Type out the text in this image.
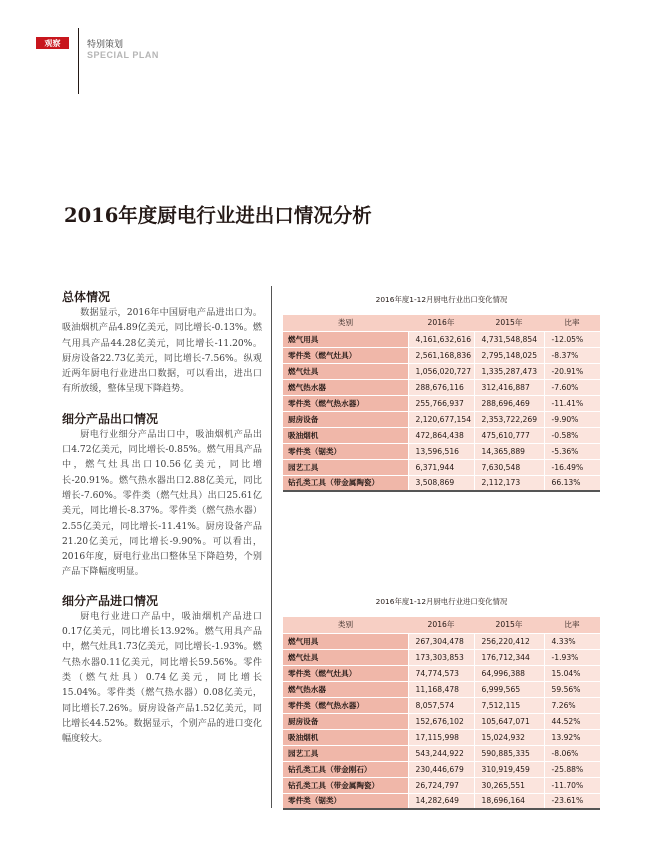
观察	特别策划
SPECIAL PLAN
2016年度厨电行业进出口情况分析
总体情况

数据显示，2016年中国厨电产品进出口为。吸油烟机产品4.89亿美元，同比增长-0.13%。燃气用具产品44.28亿美元，同比增长-11.20%。厨房设备22.73亿美元，同比增长-7.56%。纵观近两年厨电行业进出口数据，可以看出，进出口有所放缓，整体呈现下降趋势。

细分产品出口情况

厨电行业细分产品出口中，吸油烟机产品出口4.72亿美元，同比增长-0.85%。燃气用具产品中，燃气灶具出口10.56亿美元，同比增长-20.91%。燃气热水器出口2.88亿美元，同比增长-7.60%。零件类（燃气灶具）出口25.61亿美元，同比增长-8.37%。零件类（燃气热水器）2.55亿美元，同比增长-11.41%。厨房设备产品21.20亿美元，同比增长-9.90%。可以看出，2016年度，厨电行业出口整体呈下降趋势，个别产品下降幅度明显。

细分产品进口情况

厨电行业进口产品中，吸油烟机产品进口0.17亿美元，同比增长13.92%。燃气用具产品中，燃气灶具1.73亿美元，同比增长-1.93%。燃气热水器0.11亿美元，同比增长59.56%。零件类（燃气灶具）0.74亿美元，同比增长15.04%。零件类（燃气热水器）0.08亿美元，同比增长7.26%。厨房设备产品1.52亿美元，同比增长44.52%。数据显示，个别产品的进口变化幅度较大。

2016年度1-12月厨电行业出口变化情况
类别	2016年	2015年	比率
燃气用具	4,161,632,616	4,731,548,854	-12.05%
零件类（燃气灶具）	2,561,168,836	2,795,148,025	-8.37%
燃气灶具	1,056,020,727	1,335,287,473	-20.91%
燃气热水器	288,676,116	312,416,887	-7.60%
零件类（燃气热水器）	255,766,937	288,696,469	-11.41%
厨房设备	2,120,677,154	2,353,722,269	-9.90%
吸油烟机	472,864,438	475,610,777	-0.58%
零件类（锯类）	13,596,516	14,365,889	-5.36%
园艺工具	6,371,944	7,630,548	-16.49%
钻孔类工具（带金属陶瓷）	3,508,869	2,112,173	66.13%
2016年度1-12月厨电行业进口变化情况
类别	2016年	2015年	比率
燃气用具	267,304,478	256,220,412	4.33%
燃气灶具	173,303,853	176,712,344	-1.93%
零件类（燃气灶具）	74,774,573	64,996,388	15.04%
燃气热水器	11,168,478	6,999,565	59.56%
零件类（燃气热水器）	8,057,574	7,512,115	7.26%
厨房设备	152,676,102	105,647,071	44.52%
吸油烟机	17,115,998	15,024,932	13.92%
园艺工具	543,244,922	590,885,335	-8.06%
钻孔类工具（带金刚石）	230,446,679	310,919,459	-25.88%
钻孔类工具（带金属陶瓷）	26,724,797	30,265,551	-11.70%
零件类（锯类）	14,282,649	18,696,164	-23.61%
